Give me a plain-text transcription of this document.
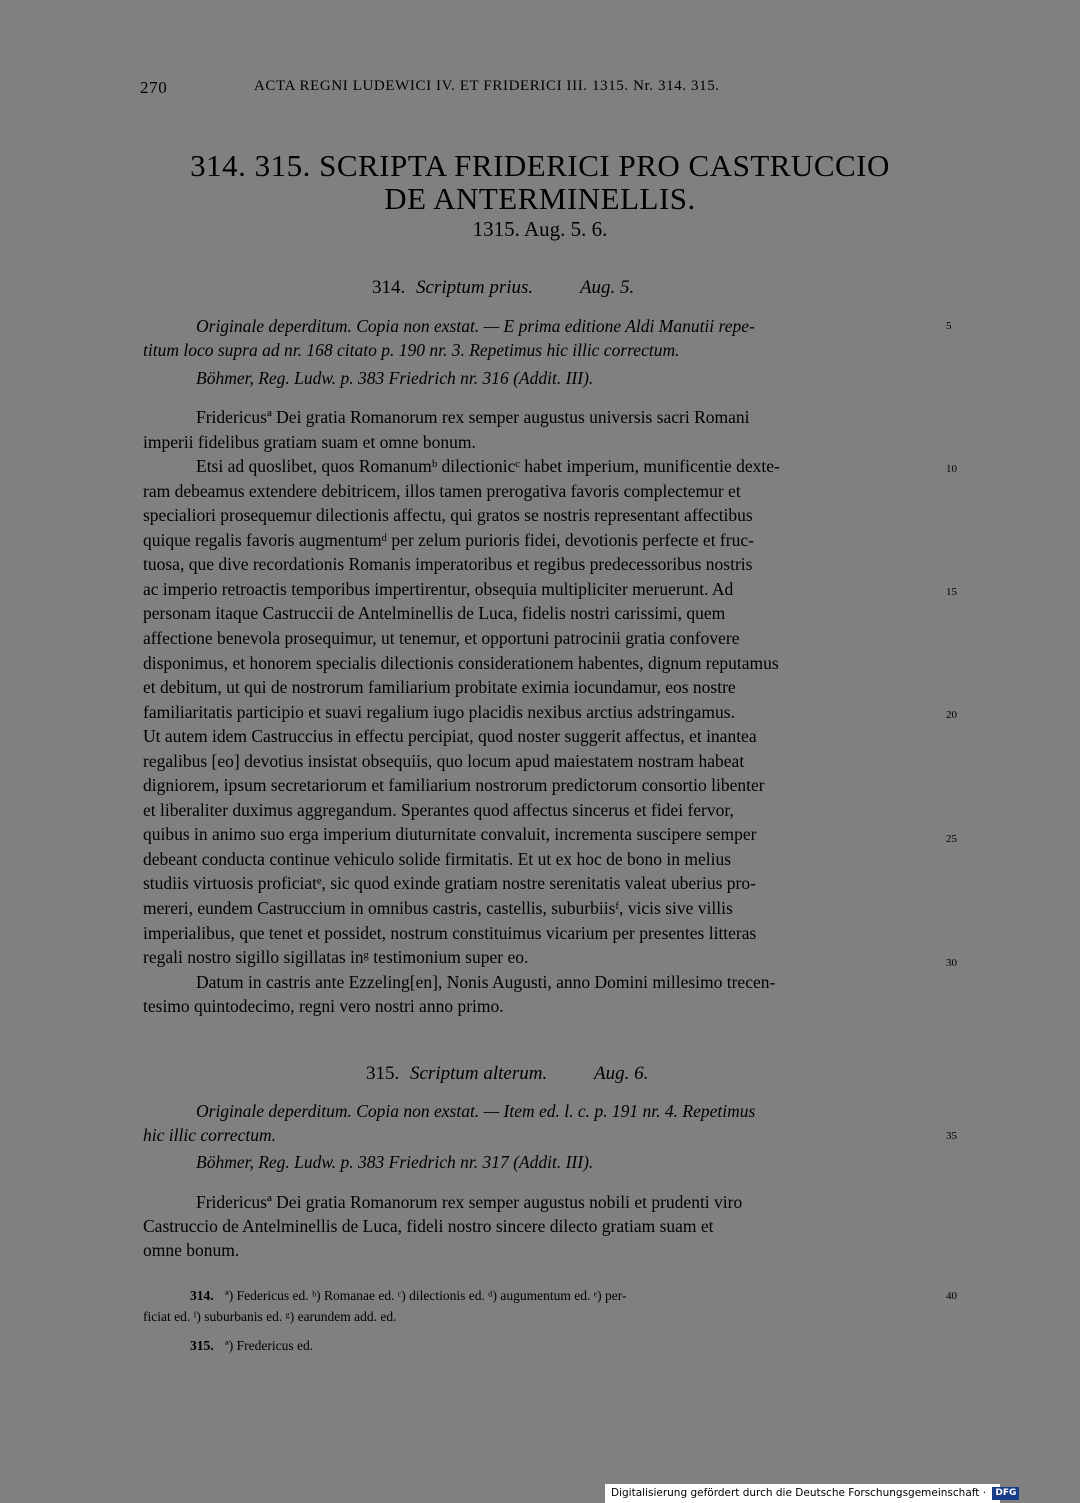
270	ACTA REGNI LUDEWICI IV. ET FRIDERICI III. 1315. Nr. 314. 315.
314. 315. SCRIPTA FRIDERICI PRO CASTRUCCIO
DE ANTERMINELLIS.
1315. Aug. 5. 6.
314. Scriptum prius. Aug. 5.
Originale deperditum. Copia non exstat. — E prima editione Aldi Manutii repe-
titum loco supra ad nr. 168 citato p. 190 nr. 3. Repetimus hic illic correctum.
Böhmer, Reg. Ludw. p. 383 Friedrich nr. 316 (Addit. III).
Fridericusª Dei gratia Romanorum rex semper augustus universis sacri Romani
imperii fidelibus gratiam suam et omne bonum.
Etsi ad quoslibet, quos Romanumᵇ dilectionicᶜ habet imperium, munificentie dexte-
ram debeamus extendere debitricem, illos tamen prerogativa favoris complectemur et
specialiori prosequemur dilectionis affectu, qui gratos se nostris representant affectibus
quique regalis favoris augmentumᵈ per zelum purioris fidei, devotionis perfecte et fruc-
tuosa, que dive recordationis Romanis imperatoribus et regibus predecessoribus nostris
ac imperio retroactis temporibus impertirentur, obsequia multipliciter meruerunt. Ad
personam itaque Castruccii de Antelminellis de Luca, fidelis nostri carissimi, quem
affectione benevola prosequimur, ut tenemur, et opportuni patrocinii gratia confovere
disponimus, et honorem specialis dilectionis considerationem habentes, dignum reputamus
et debitum, ut qui de nostrorum familiarium probitate eximia iocundamur, eos nostre
familiaritatis participio et suavi regalium iugo placidis nexibus arctius adstringamus.
Ut autem idem Castruccius in effectu percipiat, quod noster suggerit affectus, et inantea
regalibus [eo] devotius insistat obsequiis, quo locum apud maiestatem nostram habeat
digniorem, ipsum secretariorum et familiarium nostrorum predictorum consortio libenter
et liberaliter duximus aggregandum. Sperantes quod affectus sincerus et fidei fervor,
quibus in animo suo erga imperium diuturnitate convaluit, incrementa suscipere semper
debeant conducta continue vehiculo solide firmitatis. Et ut ex hoc de bono in melius
studiis virtuosis proficiatᵉ, sic quod exinde gratiam nostre serenitatis valeat uberius pro-
mereri, eundem Castruccium in omnibus castris, castellis, suburbiisᶠ, vicis sive villis
imperialibus, que tenet et possidet, nostrum constituimus vicarium per presentes litteras
regali nostro sigillo sigillatas inᵍ testimonium super eo.
Datum in castris ante Ezzeling[en], Nonis Augusti, anno Domini millesimo trecen-
tesimo quintodecimo, regni vero nostri anno primo.
315. Scriptum alterum. Aug. 6.
Originale deperditum. Copia non exstat. — Item ed. l. c. p. 191 nr. 4. Repetimus
hic illic correctum.
Böhmer, Reg. Ludw. p. 383 Friedrich nr. 317 (Addit. III).
Fridericusª Dei gratia Romanorum rex semper augustus nobili et prudenti viro
Castruccio de Antelminellis de Luca, fideli nostro sincere dilecto gratiam suam et
omne bonum.
5
10
15
20
25
30
35
40
314. ª) Federicus ed. ᵇ) Romanae ed. ᶜ) dilectionis ed. ᵈ) augumentum ed. ᵉ) per-
ficiat ed. ᶠ) suburbanis ed. ᵍ) earundem add. ed.
315. ª) Fredericus ed.
Digitalisierung gefördert durch die Deutsche Forschungsgemeinschaft · DFG
